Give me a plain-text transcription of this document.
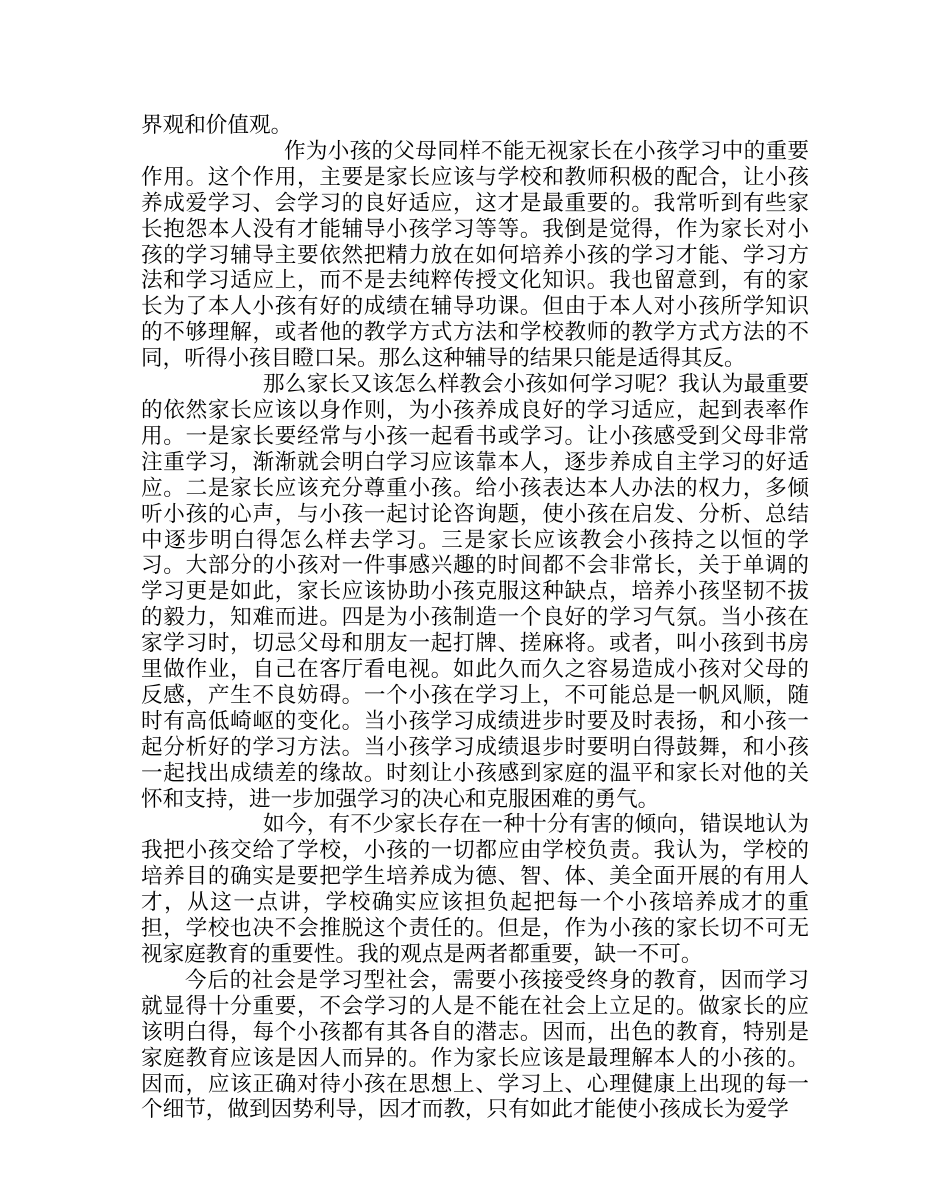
界观和价值观。

作为小孩的父母同样不能无视家长在小孩学习中的重要作用。这个作用，主要是家长应该与学校和教师积极的配合，让小孩养成爱学习、会学习的良好适应，这才是最重要的。我常听到有些家长抱怨本人没有才能辅导小孩学习等等。我倒是觉得，作为家长对小孩的学习辅导主要依然把精力放在如何培养小孩的学习才能、学习方法和学习适应上，而不是去纯粹传授文化知识。我也留意到，有的家长为了本人小孩有好的成绩在辅导功课。但由于本人对小孩所学知识的不够理解，或者他的教学方式方法和学校教师的教学方式方法的不同，听得小孩目瞪口呆。那么这种辅导的结果只能是适得其反。

那么家长又该怎么样教会小孩如何学习呢？我认为最重要的依然家长应该以身作则，为小孩养成良好的学习适应，起到表率作用。一是家长要经常与小孩一起看书或学习。让小孩感受到父母非常注重学习，渐渐就会明白学习应该靠本人，逐步养成自主学习的好适应。二是家长应该充分尊重小孩。给小孩表达本人办法的权力，多倾听小孩的心声，与小孩一起讨论咨询题，使小孩在启发、分析、总结中逐步明白得怎么样去学习。三是家长应该教会小孩持之以恒的学习。大部分的小孩对一件事感兴趣的时间都不会非常长，关于单调的学习更是如此，家长应该协助小孩克服这种缺点，培养小孩坚韧不拔的毅力，知难而进。四是为小孩制造一个良好的学习气氛。当小孩在家学习时，切忌父母和朋友一起打牌、搓麻将。或者，叫小孩到书房里做作业，自己在客厅看电视。如此久而久之容易造成小孩对父母的反感，产生不良妨碍。一个小孩在学习上，不可能总是一帆风顺，随时有高低崎岖的变化。当小孩学习成绩进步时要及时表扬，和小孩一起分析好的学习方法。当小孩学习成绩退步时要明白得鼓舞，和小孩一起找出成绩差的缘故。时刻让小孩感到家庭的温平和家长对他的关怀和支持，进一步加强学习的决心和克服困难的勇气。

如今，有不少家长存在一种十分有害的倾向，错误地认为我把小孩交给了学校，小孩的一切都应由学校负责。我认为，学校的培养目的确实是要把学生培养成为德、智、体、美全面开展的有用人才，从这一点讲，学校确实应该担负起把每一个小孩培养成才的重担，学校也决不会推脱这个责任的。但是，作为小孩的家长切不可无视家庭教育的重要性。我的观点是两者都重要，缺一不可。

今后的社会是学习型社会，需要小孩接受终身的教育，因而学习就显得十分重要，不会学习的人是不能在社会上立足的。做家长的应该明白得，每个小孩都有其各自的潜志。因而，出色的教育，特别是家庭教育应该是因人而异的。作为家长应该是最理解本人的小孩的。因而，应该正确对待小孩在思想上、学习上、心理健康上出现的每一个细节，做到因势利导，因才而教，只有如此才能使小孩成长为爱学
